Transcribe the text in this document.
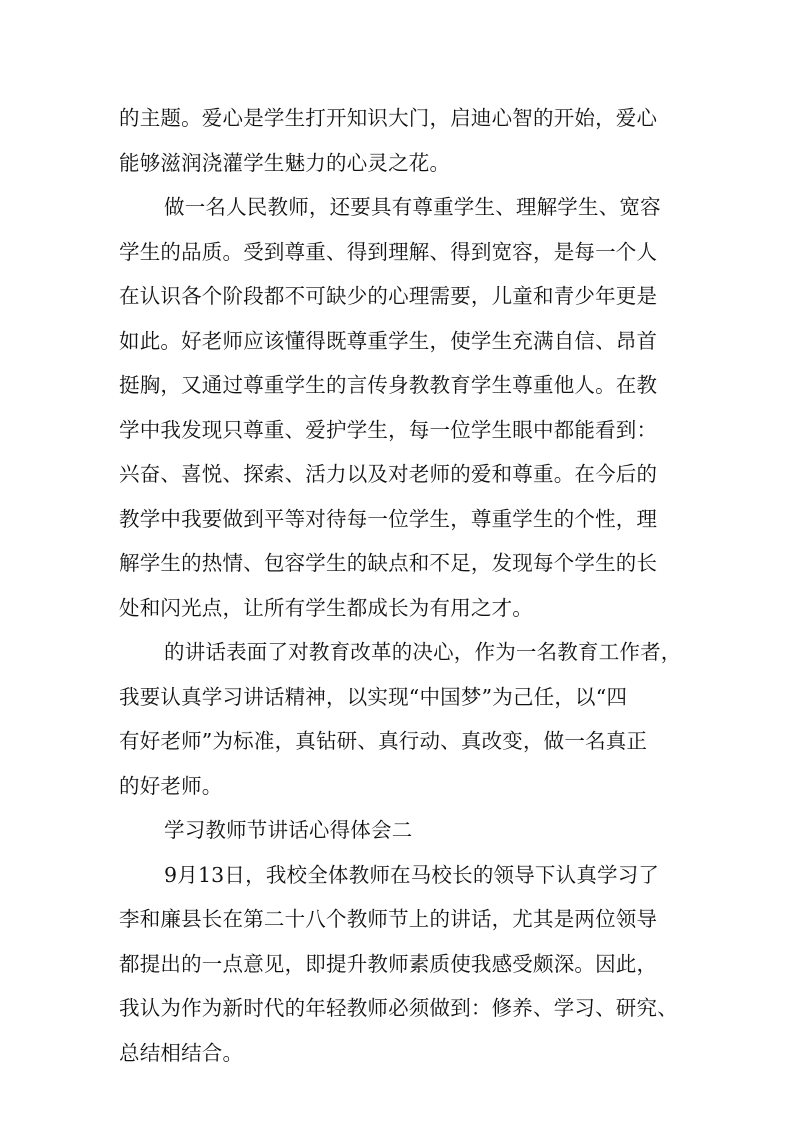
的主题。爱心是学生打开知识大门，启迪心智的开始，爱心
能够滋润浇灌学生魅力的心灵之花。
做一名人民教师，还要具有尊重学生、理解学生、宽容
学生的品质。受到尊重、得到理解、得到宽容，是每一个人
在认识各个阶段都不可缺少的心理需要，儿童和青少年更是
如此。好老师应该懂得既尊重学生，使学生充满自信、昂首
挺胸，又通过尊重学生的言传身教教育学生尊重他人。在教
学中我发现只尊重、爱护学生，每一位学生眼中都能看到：
兴奋、喜悦、探索、活力以及对老师的爱和尊重。在今后的
教学中我要做到平等对待每一位学生，尊重学生的个性，理
解学生的热情、包容学生的缺点和不足，发现每个学生的长
处和闪光点，让所有学生都成长为有用之才。
的讲话表面了对教育改革的决心，作为一名教育工作者，
我要认真学习讲话精神，以实现“中国梦”为己任，以“四
有好老师”为标准，真钻研、真行动、真改变，做一名真正
的好老师。
学习教师节讲话心得体会二
9月13日，我校全体教师在马校长的领导下认真学习了
李和廉县长在第二十八个教师节上的讲话，尤其是两位领导
都提出的一点意见，即提升教师素质使我感受颇深。因此，
我认为作为新时代的年轻教师必须做到：修养、学习、研究、
总结相结合。
